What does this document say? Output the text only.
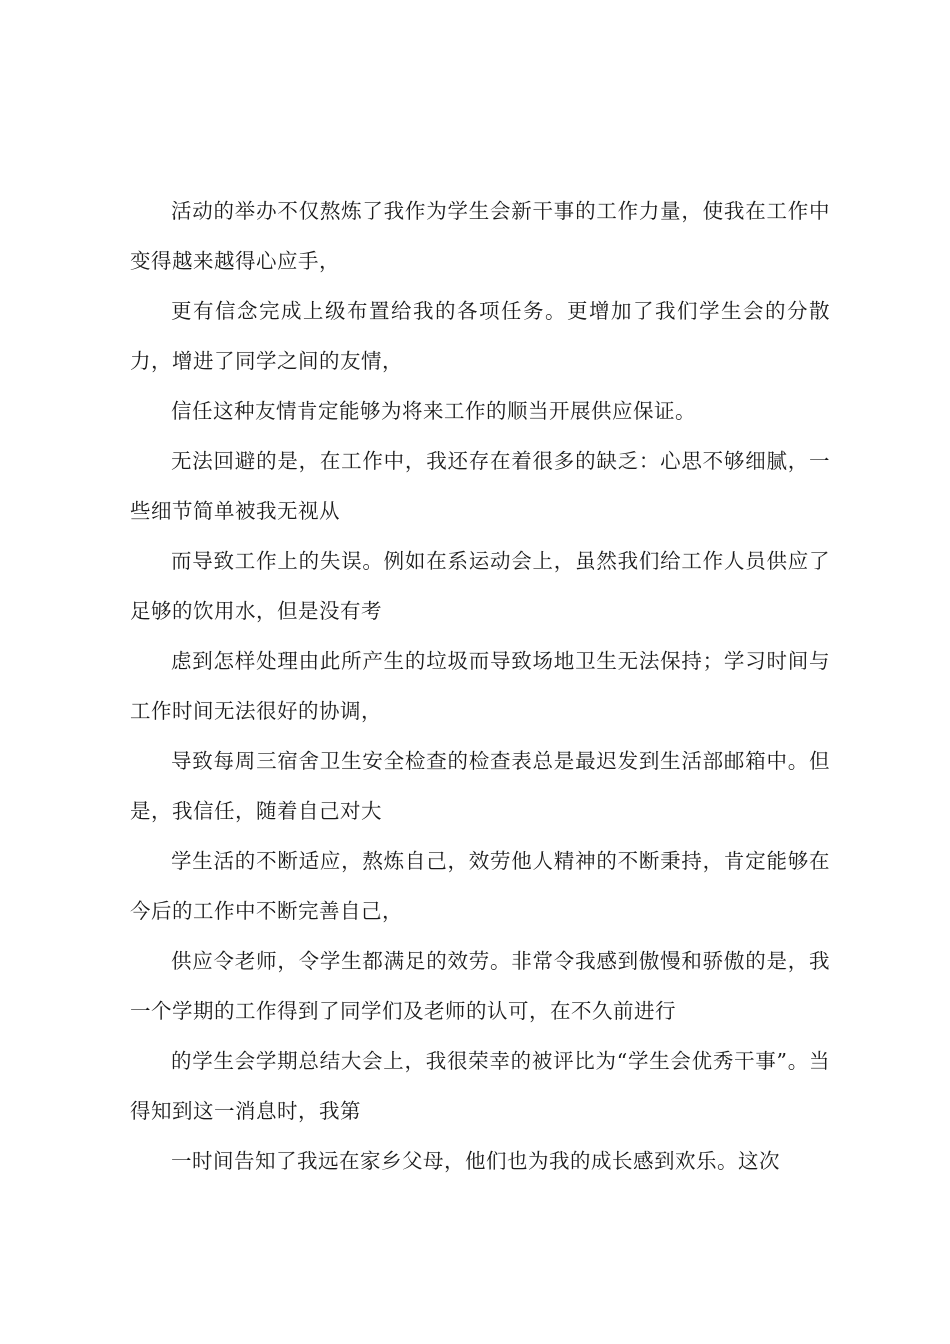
活动的举办不仅熬炼了我作为学生会新干事的工作力量，使我在工作中变得越来越得心应手，

更有信念完成上级布置给我的各项任务。更增加了我们学生会的分散力，增进了同学之间的友情，

信任这种友情肯定能够为将来工作的顺当开展供应保证。

无法回避的是，在工作中，我还存在着很多的缺乏：心思不够细腻，一些细节简单被我无视从

而导致工作上的失误。例如在系运动会上，虽然我们给工作人员供应了足够的饮用水，但是没有考

虑到怎样处理由此所产生的垃圾而导致场地卫生无法保持；学习时间与工作时间无法很好的协调，

导致每周三宿舍卫生安全检查的检查表总是最迟发到生活部邮箱中。但是，我信任，随着自己对大

学生活的不断适应，熬炼自己，效劳他人精神的不断秉持，肯定能够在今后的工作中不断完善自己，

供应令老师，令学生都满足的效劳。非常令我感到傲慢和骄傲的是，我一个学期的工作得到了同学们及老师的认可，在不久前进行

的学生会学期总结大会上，我很荣幸的被评比为“学生会优秀干事”。当得知到这一消息时，我第

一时间告知了我远在家乡父母，他们也为我的成长感到欢乐。这次
